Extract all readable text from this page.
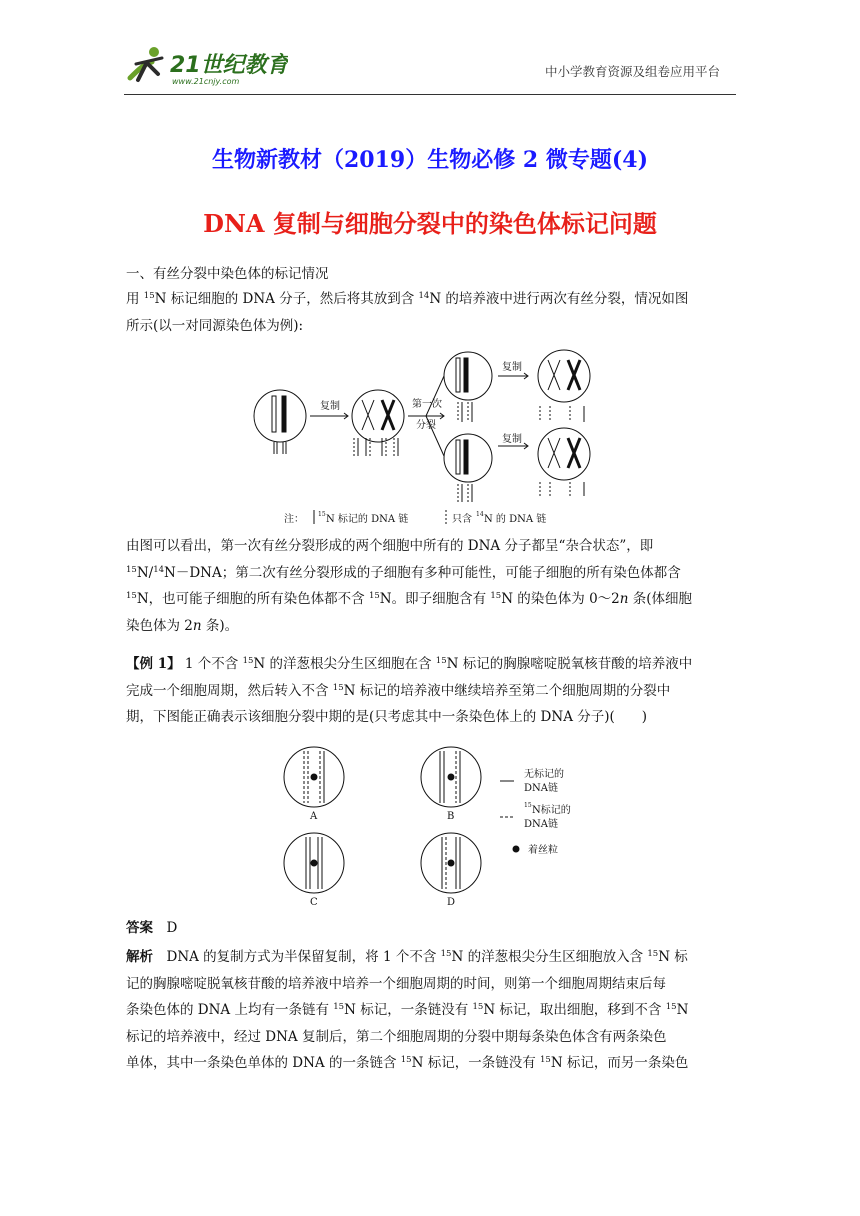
21世纪教育
www.21cnjy.com
中小学教育资源及组卷应用平台
生物新教材（2019）生物必修 2 微专题(4)
DNA 复制与细胞分裂中的染色体标记问题
一、有丝分裂中染色体的标记情况

用 $^{15}$N 标记细胞的 DNA 分子，然后将其放到含 $^{14}$N 的培养液中进行两次有丝分裂，情况如图

所示(以一对同源染色体为例):

复制	第一次
分裂
复制
复制
注： 15 N 标记的 DNA 链	只含 14 N 的 DNA 链

由图可以看出，第一次有丝分裂形成的两个细胞中所有的 DNA 分子都呈“杂合状态”，即

$^{15}$N/$^{14}$N－DNA；第二次有丝分裂形成的子细胞有多种可能性，可能子细胞的所有染色体都含

$^{15}$N，也可能子细胞的所有染色体都不含 $^{15}$N。即子细胞含有 $^{15}$N 的染色体为 0～2n 条(体细胞

染色体为 2n 条)。

【例 1】 1 个不含 $^{15}$N 的洋葱根尖分生区细胞在含 $^{15}$N 标记的胸腺嘧啶脱氧核苷酸的培养液中

完成一个细胞周期，然后转入不含 $^{15}$N 标记的培养液中继续培养至第二个细胞周期的分裂中

期，下图能正确表示该细胞分裂中期的是(只考虑其中一条染色体上的 DNA 分子)(　　)

A	B
C	D
无标记的
DNA链
15 N标记的
DNA链
着丝粒

答案　 D

解析　DNA 的复制方式为半保留复制，将 1 个不含 $^{15}$N 的洋葱根尖分生区细胞放入含 $^{15}$N 标

记的胸腺嘧啶脱氧核苷酸的培养液中培养一个细胞周期的时间，则第一个细胞周期结束后每

条染色体的 DNA 上均有一条链有 $^{15}$N 标记，一条链没有 $^{15}$N 标记，取出细胞，移到不含 $^{15}$N

标记的培养液中，经过 DNA 复制后，第二个细胞周期的分裂中期每条染色体含有两条染色

单体，其中一条染色单体的 DNA 的一条链含 $^{15}$N 标记，一条链没有 $^{15}$N 标记，而另一条染色
